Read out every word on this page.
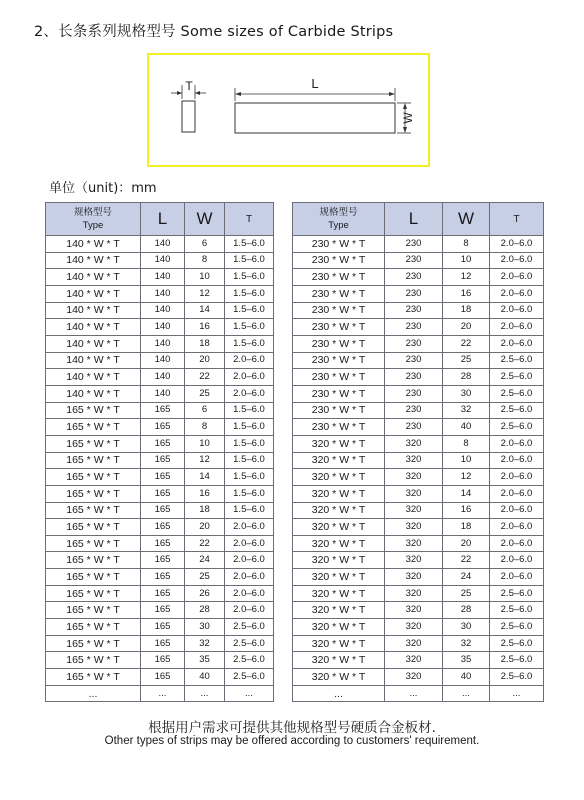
2、长条系列规格型号 Some sizes of Carbide Strips
T	L
W
单位（unit)：mm
规格型号
Type	L	W	T
140 * W * T	140	6	1.5–6.0
140 * W * T	140	8	1.5–6.0
140 * W * T	140	10	1.5–6.0
140 * W * T	140	12	1.5–6.0
140 * W * T	140	14	1.5–6.0
140 * W * T	140	16	1.5–6.0
140 * W * T	140	18	1.5–6.0
140 * W * T	140	20	2.0–6.0
140 * W * T	140	22	2.0–6.0
140 * W * T	140	25	2.0–6.0
165 * W * T	165	6	1.5–6.0
165 * W * T	165	8	1.5–6.0
165 * W * T	165	10	1.5–6.0
165 * W * T	165	12	1.5–6.0
165 * W * T	165	14	1.5–6.0
165 * W * T	165	16	1.5–6.0
165 * W * T	165	18	1.5–6.0
165 * W * T	165	20	2.0–6.0
165 * W * T	165	22	2.0–6.0
165 * W * T	165	24	2.0–6.0
165 * W * T	165	25	2.0–6.0
165 * W * T	165	26	2.0–6.0
165 * W * T	165	28	2.0–6.0
165 * W * T	165	30	2.5–6.0
165 * W * T	165	32	2.5–6.0
165 * W * T	165	35	2.5–6.0
165 * W * T	165	40	2.5–6.0
...	...	...	...
规格型号
Type	L	W	T
230 * W * T	230	8	2.0–6.0
230 * W * T	230	10	2.0–6.0
230 * W * T	230	12	2.0–6.0
230 * W * T	230	16	2.0–6.0
230 * W * T	230	18	2.0–6.0
230 * W * T	230	20	2.0–6.0
230 * W * T	230	22	2.0–6.0
230 * W * T	230	25	2.5–6.0
230 * W * T	230	28	2.5–6.0
230 * W * T	230	30	2.5–6.0
230 * W * T	230	32	2.5–6.0
230 * W * T	230	40	2.5–6.0
320 * W * T	320	8	2.0–6.0
320 * W * T	320	10	2.0–6.0
320 * W * T	320	12	2.0–6.0
320 * W * T	320	14	2.0–6.0
320 * W * T	320	16	2.0–6.0
320 * W * T	320	18	2.0–6.0
320 * W * T	320	20	2.0–6.0
320 * W * T	320	22	2.0–6.0
320 * W * T	320	24	2.0–6.0
320 * W * T	320	25	2.5–6.0
320 * W * T	320	28	2.5–6.0
320 * W * T	320	30	2.5–6.0
320 * W * T	320	32	2.5–6.0
320 * W * T	320	35	2.5–6.0
320 * W * T	320	40	2.5–6.0
...	...	...	...
根据用户需求可提供其他规格型号硬质合金板材.
Other types of strips may be offered according to customers' requirement.
